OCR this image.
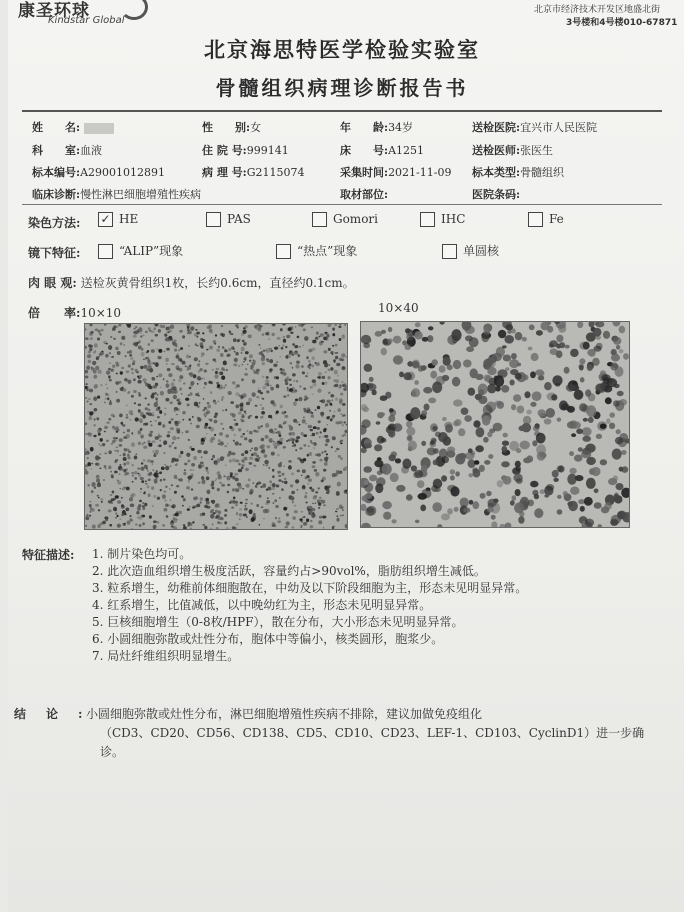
康圣环球
Kindstar Global
北京市经济技术开发区地盛北街
3号楼和4号楼010-67871
北京海思特医学检验实验室
骨髓组织病理诊断报告书
姓　　名:	性　　别:女	年　　龄:34岁	送检医院:宜兴市人民医院
科　　室:血液	住 院 号:999141	床　　号:A1251	送检医师:张医生
标本编号:A29001012891	病 理 号:G2115074	采集时间:2021-11-09 标本类型:骨髓组织
临床诊断:慢性淋巴细胞增殖性疾病	取材部位:	医院条码:
染色方法: ✓ HE	PAS	Gomori	IHC	Fe
镜下特征:	“ALIP”现象	“热点”现象	单圆核
肉 眼 观: 送检灰黄骨组织1枚，长约0.6cm，直径约0.1cm。
倍　　率:10×10	10×40
特征描述: 1. 制片染色均可。
2. 此次造血组织增生极度活跃，容量约占>90vol%，脂肪组织增生减低。
3. 粒系增生，幼稚前体细胞散在，中幼及以下阶段细胞为主，形态未见明显异常。
4. 红系增生，比值减低，以中晚幼红为主，形态未见明显异常。
5. 巨核细胞增生（0-8枚/HPF），散在分布，大小形态未见明显异常。
6. 小圆细胞弥散或灶性分布，胞体中等偏小，核类圆形，胞浆少。
7. 局灶纤维组织明显增生。
结论:
小圆细胞弥散或灶性分布，淋巴细胞增殖性疾病不排除，建议加做免疫组化
（CD3、CD20、CD56、CD138、CD5、CD10、CD23、LEF-1、CD103、CyclinD1）进一步确
诊。
